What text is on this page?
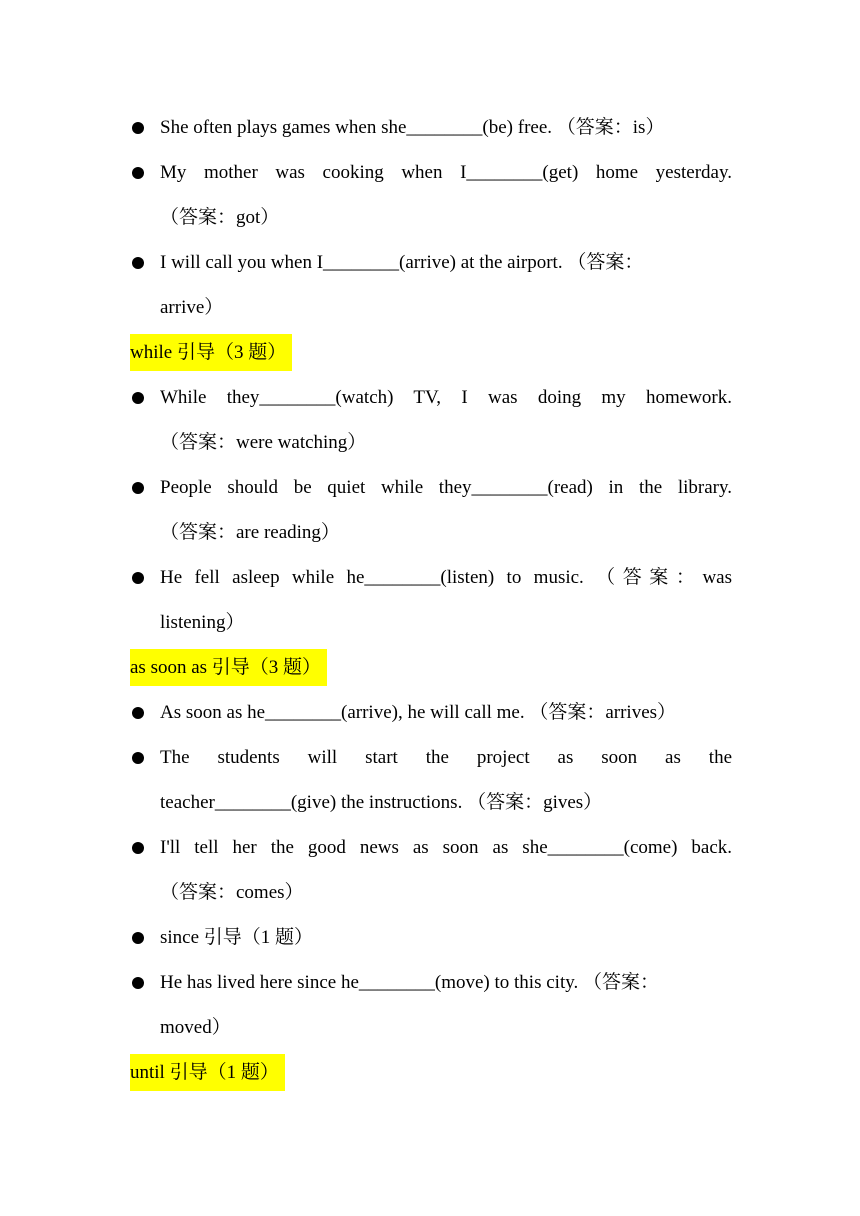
She often plays games when she________(be) free. （答案：is）
My mother was cooking when I________(get) home yesterday.
（答案：got）
I will call you when I________(arrive) at the airport. （答案：
arrive）
while 引导（3 题）
While they________(watch) TV, I was doing my homework.
（答案：were watching）
People should be quiet while they________(read) in the library.
（答案：are reading）
He fell asleep while he________(listen) to music. （答案：was
listening）
as soon as 引导（3 题）
As soon as he________(arrive), he will call me. （答案：arrives）
The students will start the project as soon as the
teacher________(give) the instructions. （答案：gives）
I'll tell her the good news as soon as she________(come) back.
（答案：comes）
since 引导（1 题）
He has lived here since he________(move) to this city. （答案：
moved）
until 引导（1 题）
